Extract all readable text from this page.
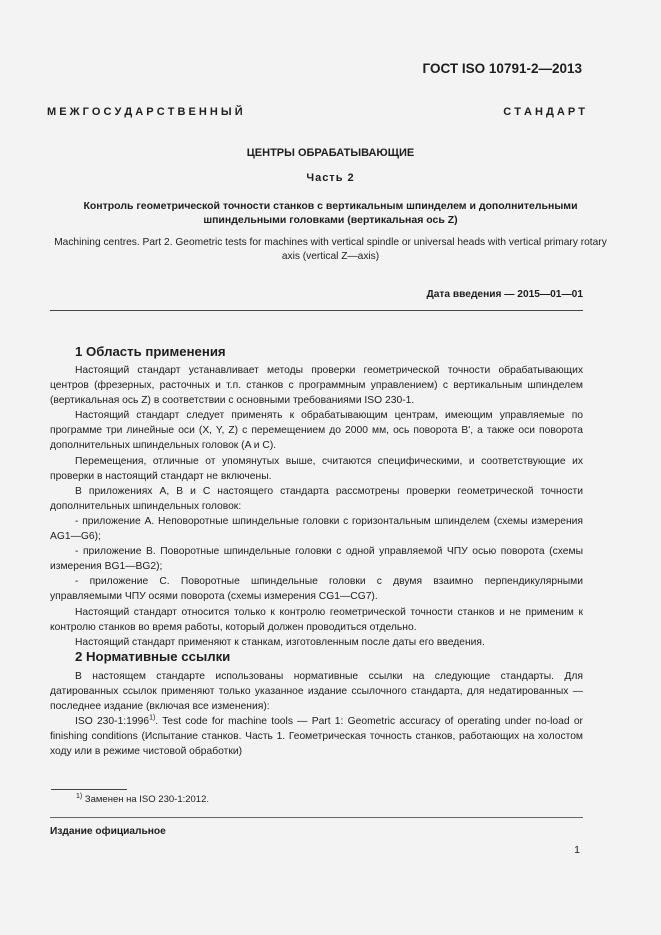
ГОСТ ISO 10791-2—2013
М Е Ж Г О С У Д А Р С Т В Е Н Н Ы Й	С Т А Н Д А Р Т
ЦЕНТРЫ ОБРАБАТЫВАЮЩИЕ
Часть 2
Контроль геометрической точности станков с вертикальным шпинделем и дополнительными шпиндельными головками (вертикальная ось Z)
Machining centres. Part 2. Geometric tests for machines with vertical spindle or universal heads with vertical primary rotary axis (vertical Z—axis)
Дата введения — 2015—01—01
1 Область применения

Настоящий стандарт устанавливает методы проверки геометрической точности обрабатывающих центров (фрезерных, расточных и т.п. станков с программным управлением) с вертикальным шпинделем (вертикальная ось Z) в соответствии с основными требованиями ISO 230-1.

Настоящий стандарт следует применять к обрабатывающим центрам, имеющим управляемые по программе три линейные оси (X, Y, Z) с перемещением до 2000 мм, ось поворота B', а также оси поворота дополнительных шпиндельных головок (A и C).

Перемещения, отличные от упомянутых выше, считаются специфическими, и соответствующие их проверки в настоящий стандарт не включены.

В приложениях A, B и C настоящего стандарта рассмотрены проверки геометрической точности дополнительных шпиндельных головок:

- приложение A. Неповоротные шпиндельные головки с горизонтальным шпинделем (схемы измерения AG1—G6);

- приложение B. Поворотные шпиндельные головки с одной управляемой ЧПУ осью поворота (схемы измерения BG1—BG2);

- приложение C. Поворотные шпиндельные головки с двумя взаимно перпендикулярными управляемыми ЧПУ осями поворота (схемы измерения CG1—CG7).

Настоящий стандарт относится только к контролю геометрической точности станков и не применим к контролю станков во время работы, который должен проводиться отдельно.

Настоящий стандарт применяют к станкам, изготовленным после даты его введения.

2 Нормативные ссылки

В настоящем стандарте использованы нормативные ссылки на следующие стандарты. Для датированных ссылок применяют только указанное издание ссылочного стандарта, для недатированных — последнее издание (включая все изменения):

ISO 230-1:1996$^{1)}$. Test code for machine tools — Part 1: Geometric accuracy of operating under no-load or finishing conditions (Испытание станков. Часть 1. Геометрическая точность станков, работающих на холостом ходу или в режиме чистовой обработки)

$^{1)}$ Заменен на ISO 230-1:2012.
Издание официальное
1
